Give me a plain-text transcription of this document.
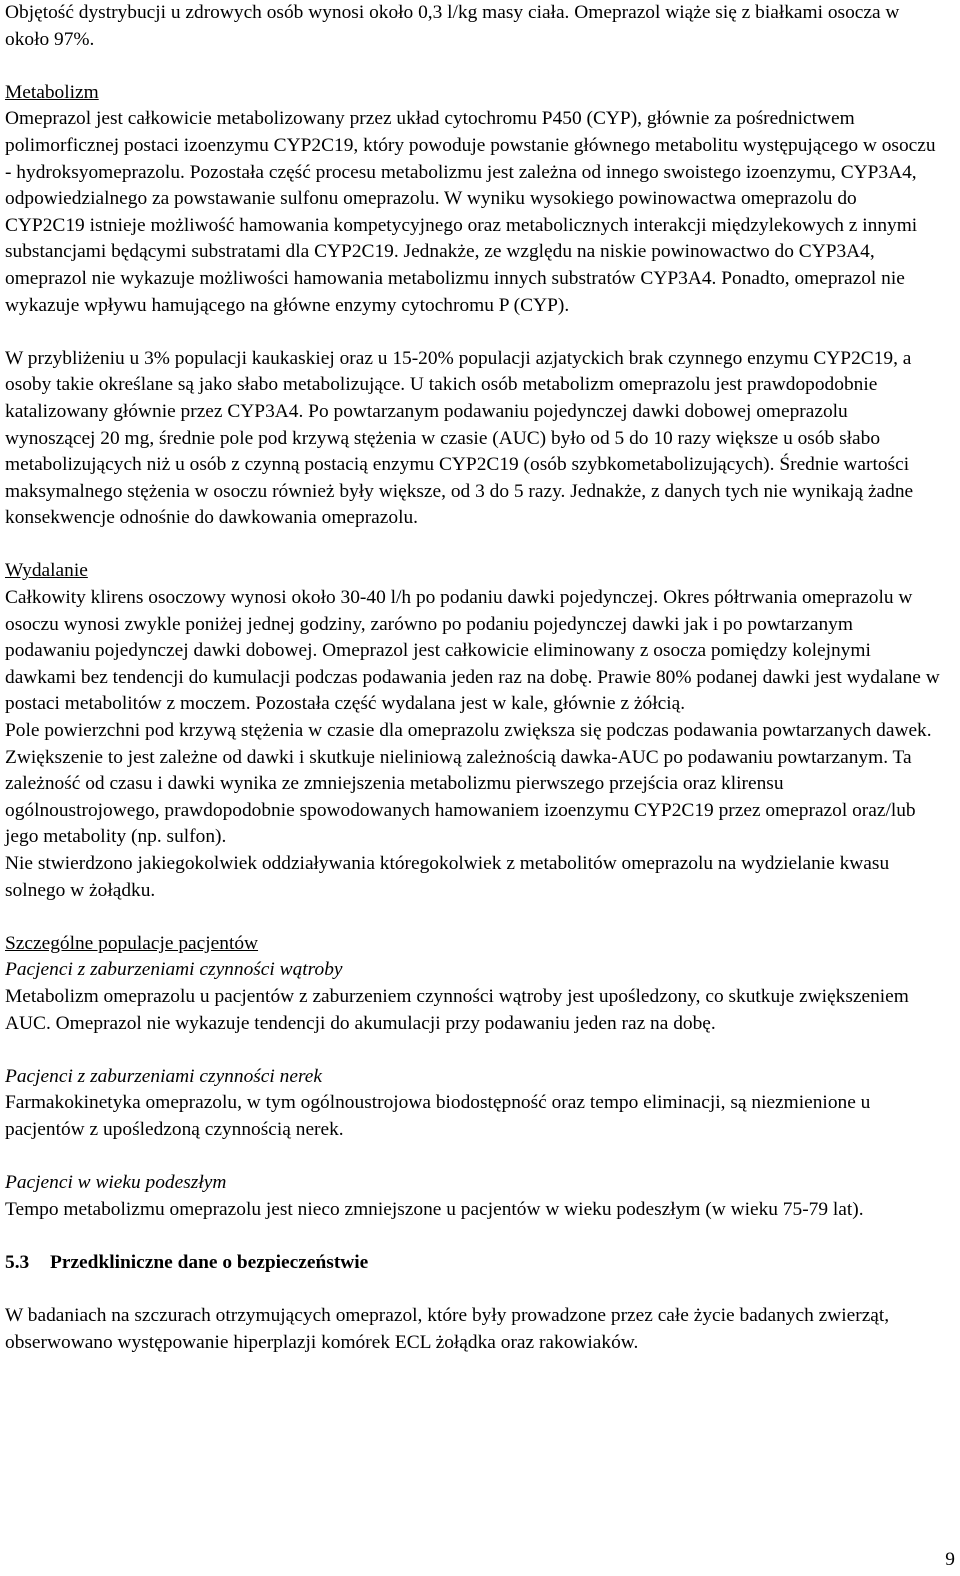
Objętość dystrybucji u zdrowych osób wynosi około 0,3 l/kg masy ciała. Omeprazol wiąże się z białkami osocza w około 97%.

Metabolizm

Omeprazol jest całkowicie metabolizowany przez układ cytochromu P450 (CYP), głównie za pośrednictwem polimorficznej postaci izoenzymu CYP2C19, który powoduje powstanie głównego metabolitu występującego w osoczu - hydroksyomeprazolu. Pozostała część procesu metabolizmu jest zależna od innego swoistego izoenzymu, CYP3A4, odpowiedzialnego za powstawanie sulfonu omeprazolu. W wyniku wysokiego powinowactwa omeprazolu do CYP2C19 istnieje możliwość hamowania kompetycyjnego oraz metabolicznych interakcji międzylekowych z innymi substancjami będącymi substratami dla CYP2C19. Jednakże, ze względu na niskie powinowactwo do CYP3A4, omeprazol nie wykazuje możliwości hamowania metabolizmu innych substratów CYP3A4. Ponadto, omeprazol nie wykazuje wpływu hamującego na główne enzymy cytochromu P (CYP).

W przybliżeniu u 3% populacji kaukaskiej oraz u 15-20% populacji azjatyckich brak czynnego enzymu CYP2C19, a osoby takie określane są jako słabo metabolizujące. U takich osób metabolizm omeprazolu jest prawdopodobnie katalizowany głównie przez CYP3A4. Po powtarzanym podawaniu pojedynczej dawki dobowej omeprazolu wynoszącej 20 mg, średnie pole pod krzywą stężenia w czasie (AUC) było od 5 do 10 razy większe u osób słabo metabolizujących niż u osób z czynną postacią enzymu CYP2C19 (osób szybkometabolizujących). Średnie wartości maksymalnego stężenia w osoczu również były większe, od 3 do 5 razy. Jednakże, z danych tych nie wynikają żadne konsekwencje odnośnie do dawkowania omeprazolu.

Wydalanie

Całkowity klirens osoczowy wynosi około 30-40 l/h po podaniu dawki pojedynczej. Okres półtrwania omeprazolu w osoczu wynosi zwykle poniżej jednej godziny, zarówno po podaniu pojedynczej dawki jak i po powtarzanym podawaniu pojedynczej dawki dobowej. Omeprazol jest całkowicie eliminowany z osocza pomiędzy kolejnymi dawkami bez tendencji do kumulacji podczas podawania jeden raz na dobę. Prawie 80% podanej dawki jest wydalane w postaci metabolitów z moczem. Pozostała część wydalana jest w kale, głównie z żółcią.

Pole powierzchni pod krzywą stężenia w czasie dla omeprazolu zwiększa się podczas podawania powtarzanych dawek. Zwiększenie to jest zależne od dawki i skutkuje nieliniową zależnością dawka-AUC po podawaniu powtarzanym. Ta zależność od czasu i dawki wynika ze zmniejszenia metabolizmu pierwszego przejścia oraz klirensu ogólnoustrojowego, prawdopodobnie spowodowanych hamowaniem izoenzymu CYP2C19 przez omeprazol oraz/lub jego metabolity (np. sulfon).

Nie stwierdzono jakiegokolwiek oddziaływania któregokolwiek z metabolitów omeprazolu na wydzielanie kwasu solnego w żołądku.

Szczególne populacje pacjentów
Pacjenci z zaburzeniami czynności wątroby

Metabolizm omeprazolu u pacjentów z zaburzeniem czynności wątroby jest upośledzony, co skutkuje zwiększeniem AUC. Omeprazol nie wykazuje tendencji do akumulacji przy podawaniu jeden raz na dobę.

Pacjenci z zaburzeniami czynności nerek

Farmakokinetyka omeprazolu, w tym ogólnoustrojowa biodostępność oraz tempo eliminacji, są niezmienione u pacjentów z upośledzoną czynnością nerek.

Pacjenci w wieku podeszłym

Tempo metabolizmu omeprazolu jest nieco zmniejszone u pacjentów w wieku podeszłym (w wieku 75-79 lat).

5.3	Przedkliniczne dane o bezpieczeństwie

W badaniach na szczurach otrzymujących omeprazol, które były prowadzone przez całe życie badanych zwierząt, obserwowano występowanie hiperplazji komórek ECL żołądka oraz rakowiaków.

9
